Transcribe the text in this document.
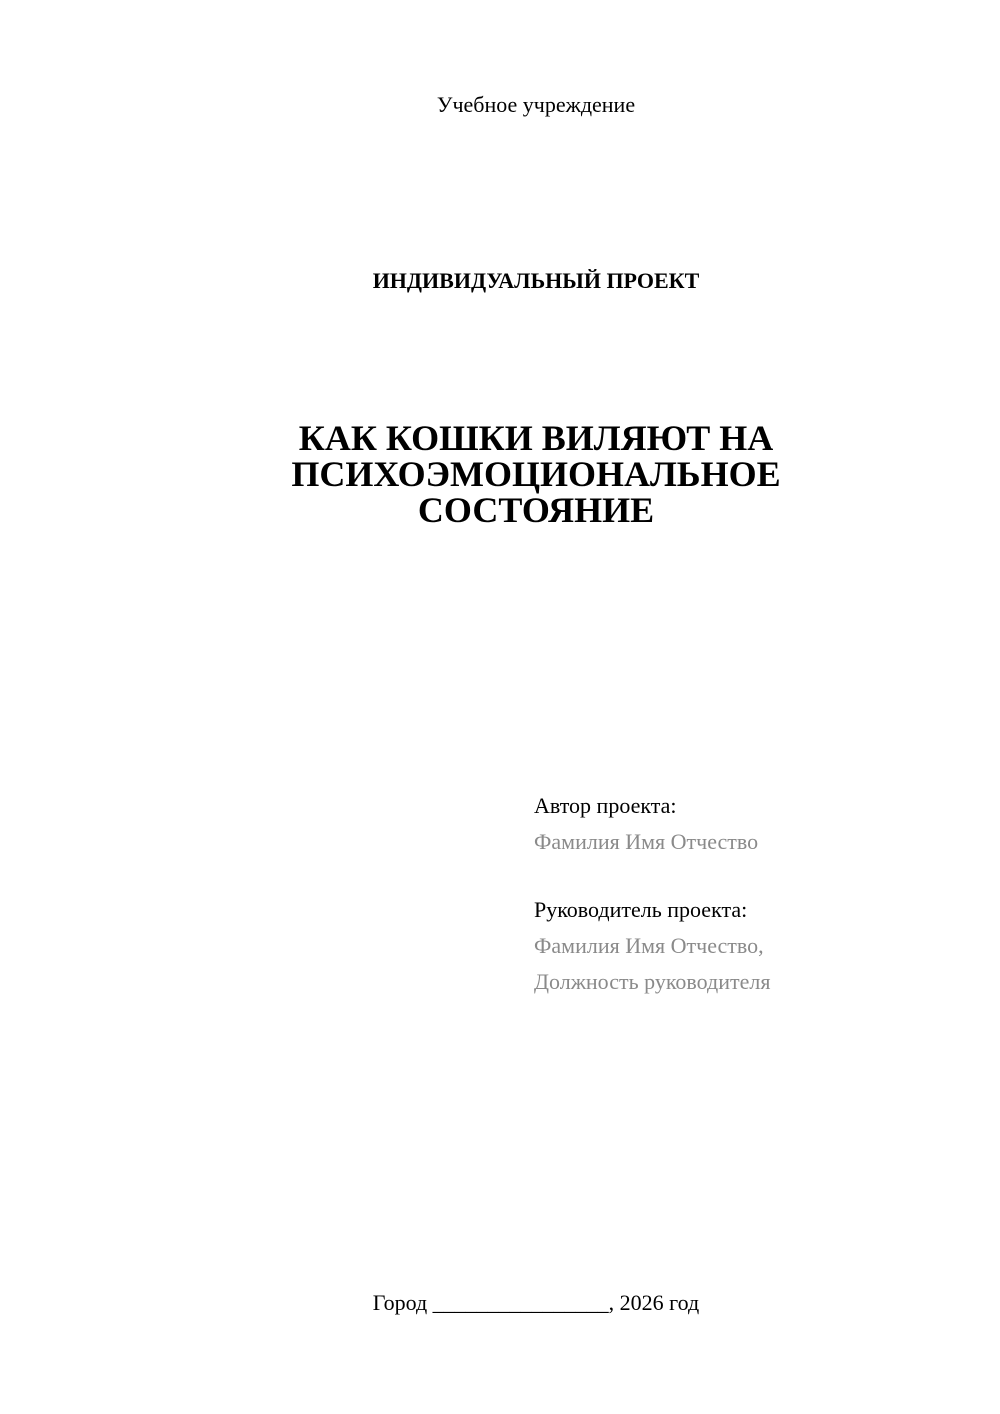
Учебное учреждение
ИНДИВИДУАЛЬНЫЙ ПРОЕКТ
КАК КОШКИ ВИЛЯЮТ НА
ПСИХОЭМОЦИОНАЛЬНОЕ
СОСТОЯНИЕ
Автор проекта:
Фамилия Имя Отчество
Руководитель проекта:
Фамилия Имя Отчество,
Должность руководителя
Город ________________, 2026 год
